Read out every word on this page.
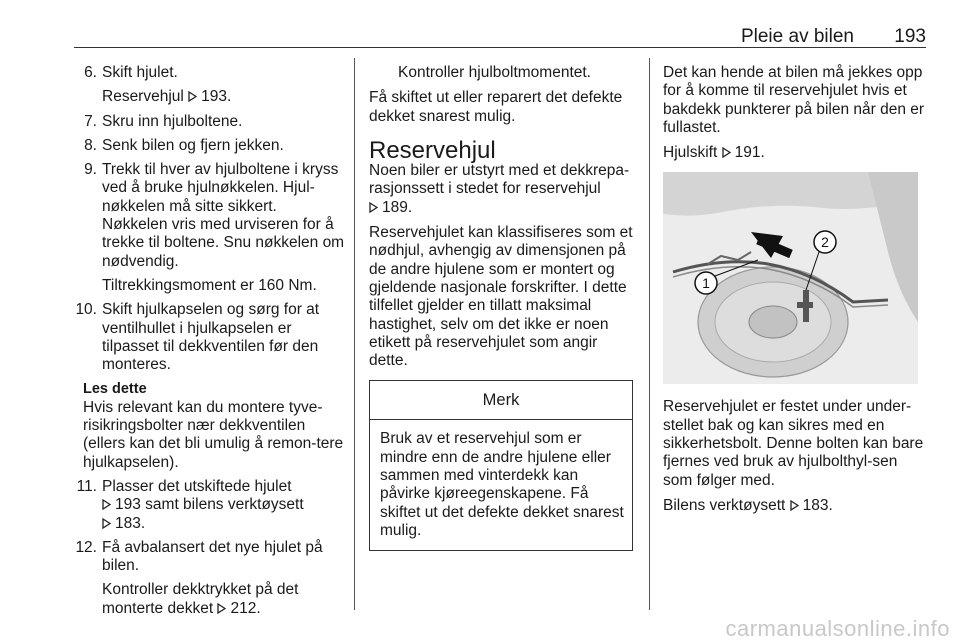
Pleie av bilen 193
6. Skift hjulet.

Reservehjul 193.

7. Skru inn hjulboltene.

8. Senk bilen og fjern jekken.

9. Trekk til hver av hjulboltene i kryss ved å bruke hjulnøkkelen. Hjul-nøkkelen må sitte sikkert. Nøkkelen vris med urviseren for å trekke til boltene. Snu nøkkelen om nødvendig.

Tiltrekkingsmoment er 160 Nm.

10. Skift hjulkapselen og sørg for at ventilhullet i hjulkapselen er tilpasset til dekkventilen før den monteres.

Les dette

Hvis relevant kan du montere tyve-risikringsbolter nær dekkventilen (ellers kan det bli umulig å remon-tere hjulkapselen).

11. Plasser det utskiftede hjulet

193 samt bilens verktøysett

183.

12. Få avbalansert det nye hjulet på bilen.

Kontroller dekktrykket på det monterte dekket 212.

Kontroller hjulboltmomentet.

Få skiftet ut eller reparert det defekte dekket snarest mulig.

Reservehjul

Noen biler er utstyrt med et dekkrepa-rasjonssett i stedet for reservehjul
189.

Reservehjulet kan klassifiseres som et nødhjul, avhengig av dimensjonen på de andre hjulene som er montert og gjeldende nasjonale forskrifter. I dette tilfellet gjelder en tillatt maksimal hastighet, selv om det ikke er noen etikett på reservehjulet som angir dette.

Merk
Bruk av et reservehjul som er mindre enn de andre hjulene eller sammen med vinterdekk kan påvirke kjøreegenskapene. Få skiftet ut det defekte dekket snarest mulig.

Det kan hende at bilen må jekkes opp for å komme til reservehjulet hvis et bakdekk punkterer på bilen når den er fullastet.

Hjulskift 191.

1
2

Reservehjulet er festet under under-stellet bak og kan sikres med en sikkerhetsbolt. Denne bolten kan bare fjernes ved bruk av hjulbolthyl-sen som følger med.

Bilens verktøysett 183.

carmanualsonline.info
